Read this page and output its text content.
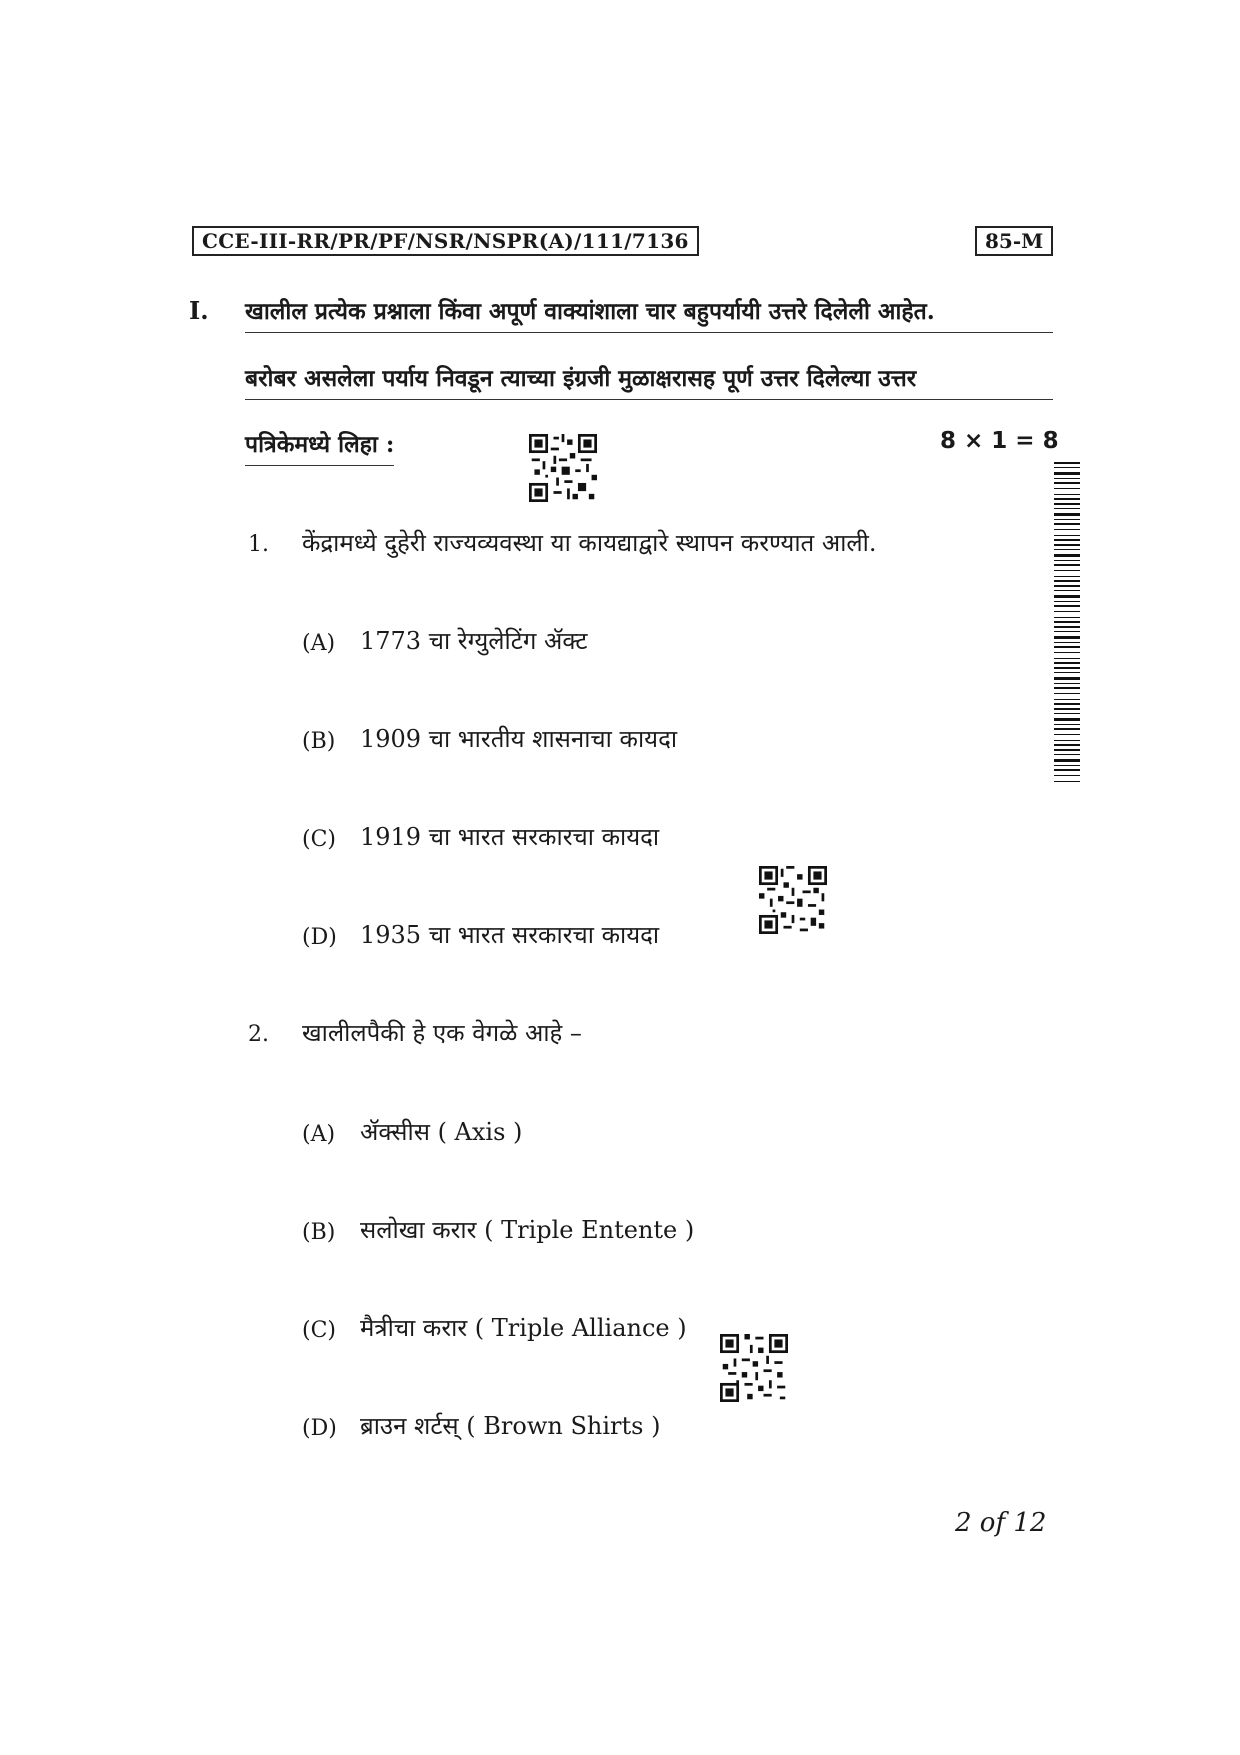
CCE-III-RR/PR/PF/NSR/NSPR(A)/111/7136	85-M
I. खालील प्रत्येक प्रश्नाला किंवा अपूर्ण वाक्यांशाला चार बहुपर्यायी उत्तरे दिलेली आहेत.
बरोबर असलेला पर्याय निवडून त्याच्या इंग्रजी मुळाक्षरासह पूर्ण उत्तर दिलेल्या उत्तर
पत्रिकेमध्ये लिहा :	8 × 1 = 8
1. केंद्रामध्ये दुहेरी राज्यव्यवस्था या कायद्याद्वारे स्थापन करण्यात आली.
(A) 1773 चा रेग्युलेटिंग ॲक्ट
(B) 1909 चा भारतीय शासनाचा कायदा
(C) 1919 चा भारत सरकारचा कायदा
(D) 1935 चा भारत सरकारचा कायदा
2. खालीलपैकी हे एक वेगळे आहे –
(A) ॲक्सीस ( Axis )
(B) सलोखा करार ( Triple Entente )
(C) मैत्रीचा करार ( Triple Alliance )
(D) ब्राउन शर्टस् ( Brown Shirts )
2 of 12
